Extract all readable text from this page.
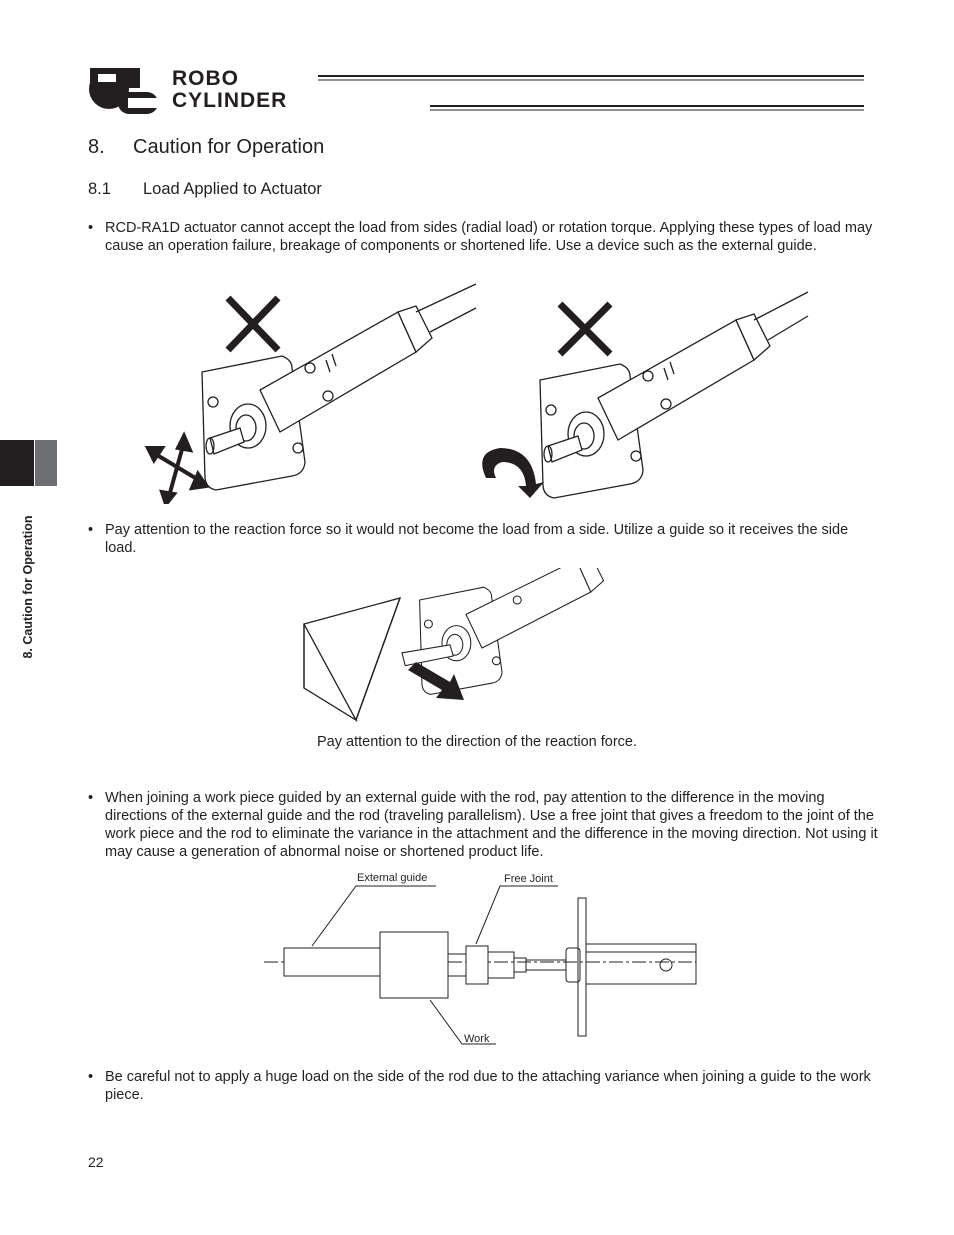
ROBO
CYLINDER
8. Caution for Operation
8. Caution for Operation
8.1 Load Applied to Actuator
• RCD-RA1D actuator cannot accept the load from sides (radial load) or rotation torque. Applying these types of load may cause an operation failure, breakage of components or shortened life. Use a device such as the external guide.
• Pay attention to the reaction force so it would not become the load from a side. Utilize a guide so it receives the side load.
Pay attention to the direction of the reaction force.
• When joining a work piece guided by an external guide with the rod, pay attention to the difference in the moving directions of the external guide and the rod (traveling parallelism). Use a free joint that gives a freedom to the joint of the work piece and the rod to eliminate the variance in the attachment and the difference in the moving direction. Not using it may cause a generation of abnormal noise or shortened product life.
External guide	Free Joint
Work
• Be careful not to apply a huge load on the side of the rod due to the attaching variance when joining a guide to the work piece.
22
